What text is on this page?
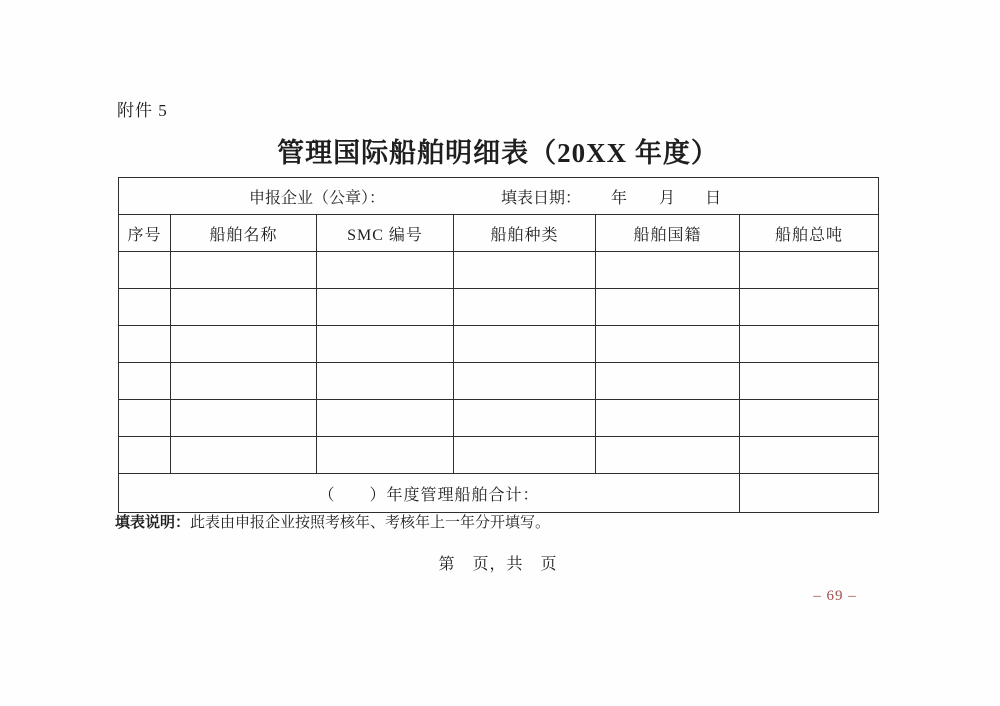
附件 5
管理国际船舶明细表（20XX 年度）
申报企业（公章）： 填表日期： 年 月 日					
序号	船舶名称	SMC 编号	船舶种类	船舶国籍	船舶总吨

（　　）年度管理船舶合计：					
填表说明：此表由申报企业按照考核年、考核年上一年分开填写。
第　页，共　页
– 69 –
